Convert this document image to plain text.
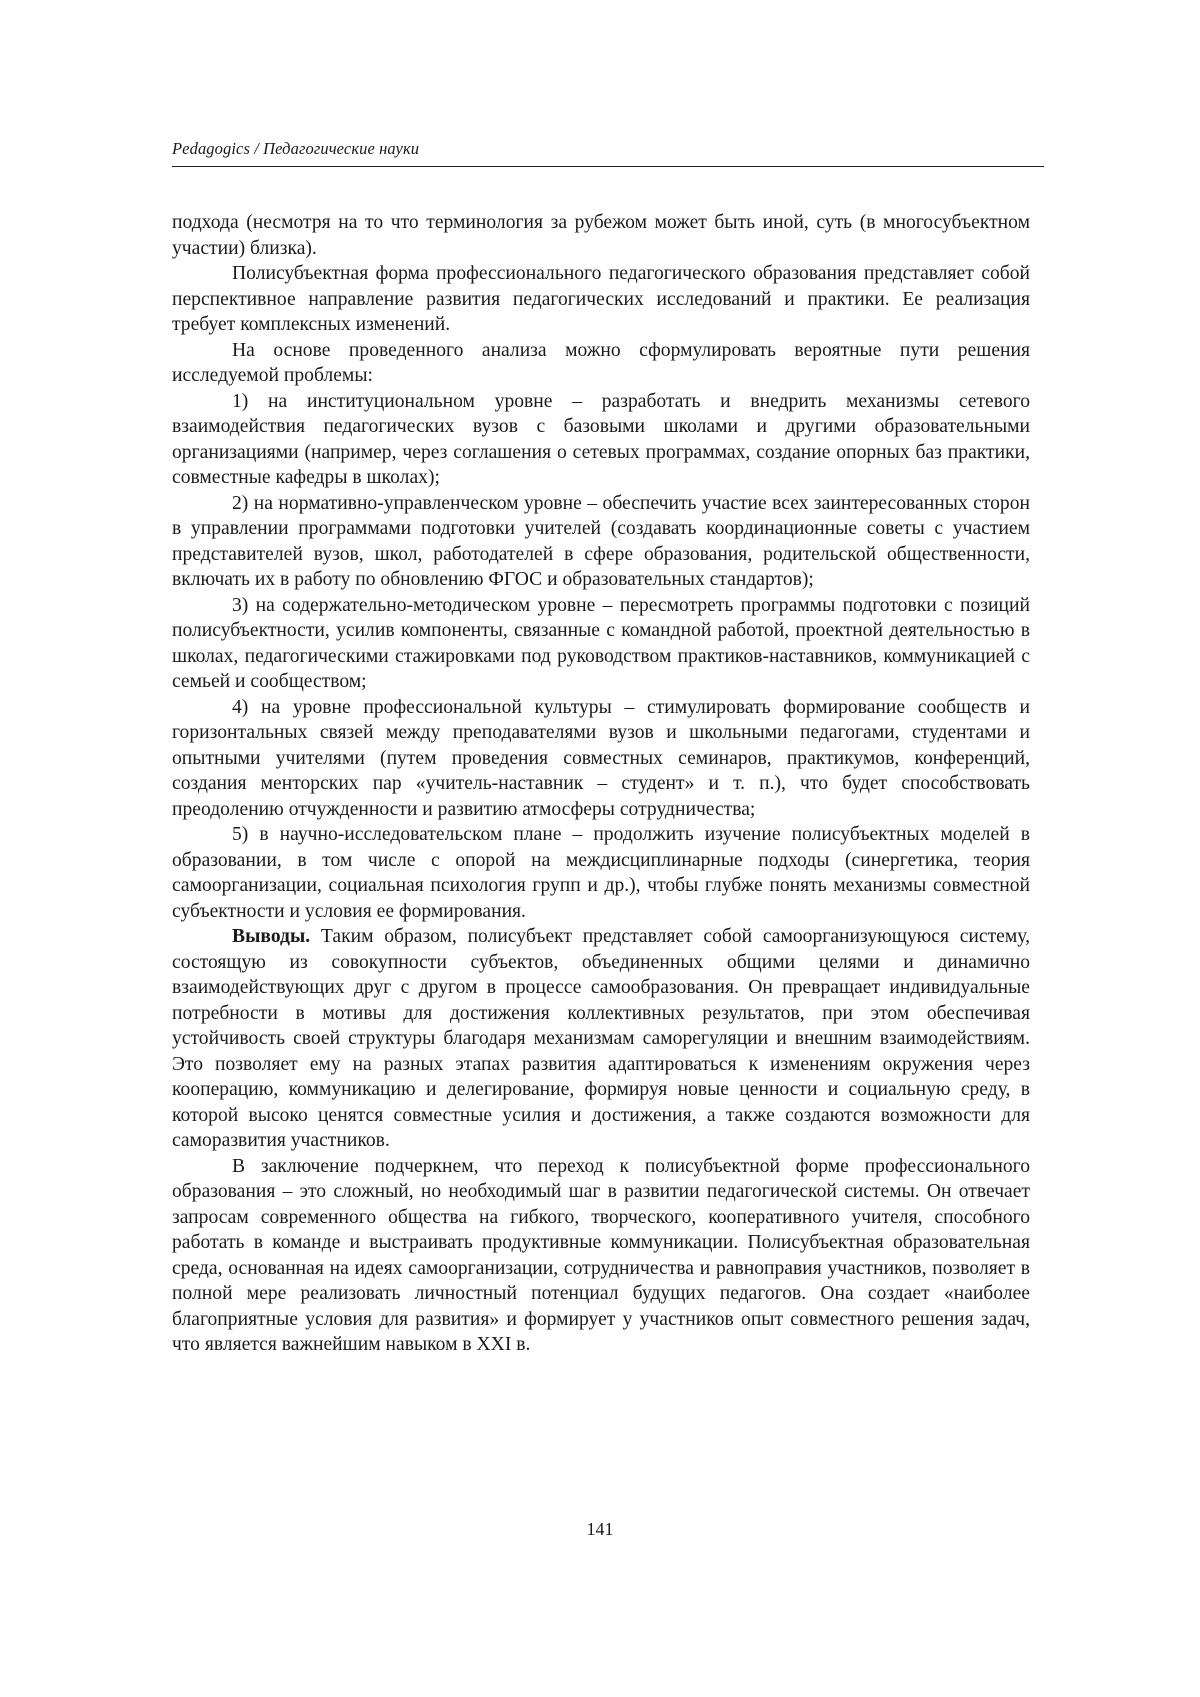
Pedagogics / Педагогические науки

подхода (несмотря на то что терминология за рубежом может быть иной, суть (в многосубъектном участии) близка).

Полисубъектная форма профессионального педагогического образования представляет собой перспективное направление развития педагогических исследований и практики. Ее реализация требует комплексных изменений.

На основе проведенного анализа можно сформулировать вероятные пути решения исследуемой проблемы:

1) на институциональном уровне – разработать и внедрить механизмы сетевого взаимодействия педагогических вузов с базовыми школами и другими образовательными организациями (например, через соглашения о сетевых программах, создание опорных баз практики, совместные кафедры в школах);

2) на нормативно-управленческом уровне – обеспечить участие всех заинтересованных сторон в управлении программами подготовки учителей (создавать координационные советы с участием представителей вузов, школ, работодателей в сфере образования, родительской общественности, включать их в работу по обновлению ФГОС и образовательных стандартов);

3) на содержательно-методическом уровне – пересмотреть программы подготовки с позиций полисубъектности, усилив компоненты, связанные с командной работой, проектной деятельностью в школах, педагогическими стажировками под руководством практиков-наставников, коммуникацией с семьей и сообществом;

4) на уровне профессиональной культуры – стимулировать формирование сообществ и горизонтальных связей между преподавателями вузов и школьными педагогами, студентами и опытными учителями (путем проведения совместных семинаров, практикумов, конференций, создания менторских пар «учитель-наставник – студент» и т. п.), что будет способствовать преодолению отчужденности и развитию атмосферы сотрудничества;

5) в научно-исследовательском плане – продолжить изучение полисубъектных моделей в образовании, в том числе с опорой на междисциплинарные подходы (синергетика, теория самоорганизации, социальная психология групп и др.), чтобы глубже понять механизмы совместной субъектности и условия ее формирования.

Выводы. Таким образом, полисубъект представляет собой самоорганизующуюся систему, состоящую из совокупности субъектов, объединенных общими целями и динамично взаимодействующих друг с другом в процессе самообразования. Он превращает индивидуальные потребности в мотивы для достижения коллективных результатов, при этом обеспечивая устойчивость своей структуры благодаря механизмам саморегуляции и внешним взаимодействиям. Это позволяет ему на разных этапах развития адаптироваться к изменениям окружения через кооперацию, коммуникацию и делегирование, формируя новые ценности и социальную среду, в которой высоко ценятся совместные усилия и достижения, а также создаются возможности для саморазвития участников.

В заключение подчеркнем, что переход к полисубъектной форме профессионального образования – это сложный, но необходимый шаг в развитии педагогической системы. Он отвечает запросам современного общества на гибкого, творческого, кооперативного учителя, способного работать в команде и выстраивать продуктивные коммуникации. Полисубъектная образовательная среда, основанная на идеях самоорганизации, сотрудничества и равноправия участников, позволяет в полной мере реализовать личностный потенциал будущих педагогов. Она создает «наиболее благоприятные условия для развития» и формирует у участников опыт совместного решения задач, что является важнейшим навыком в XXI в.

141
